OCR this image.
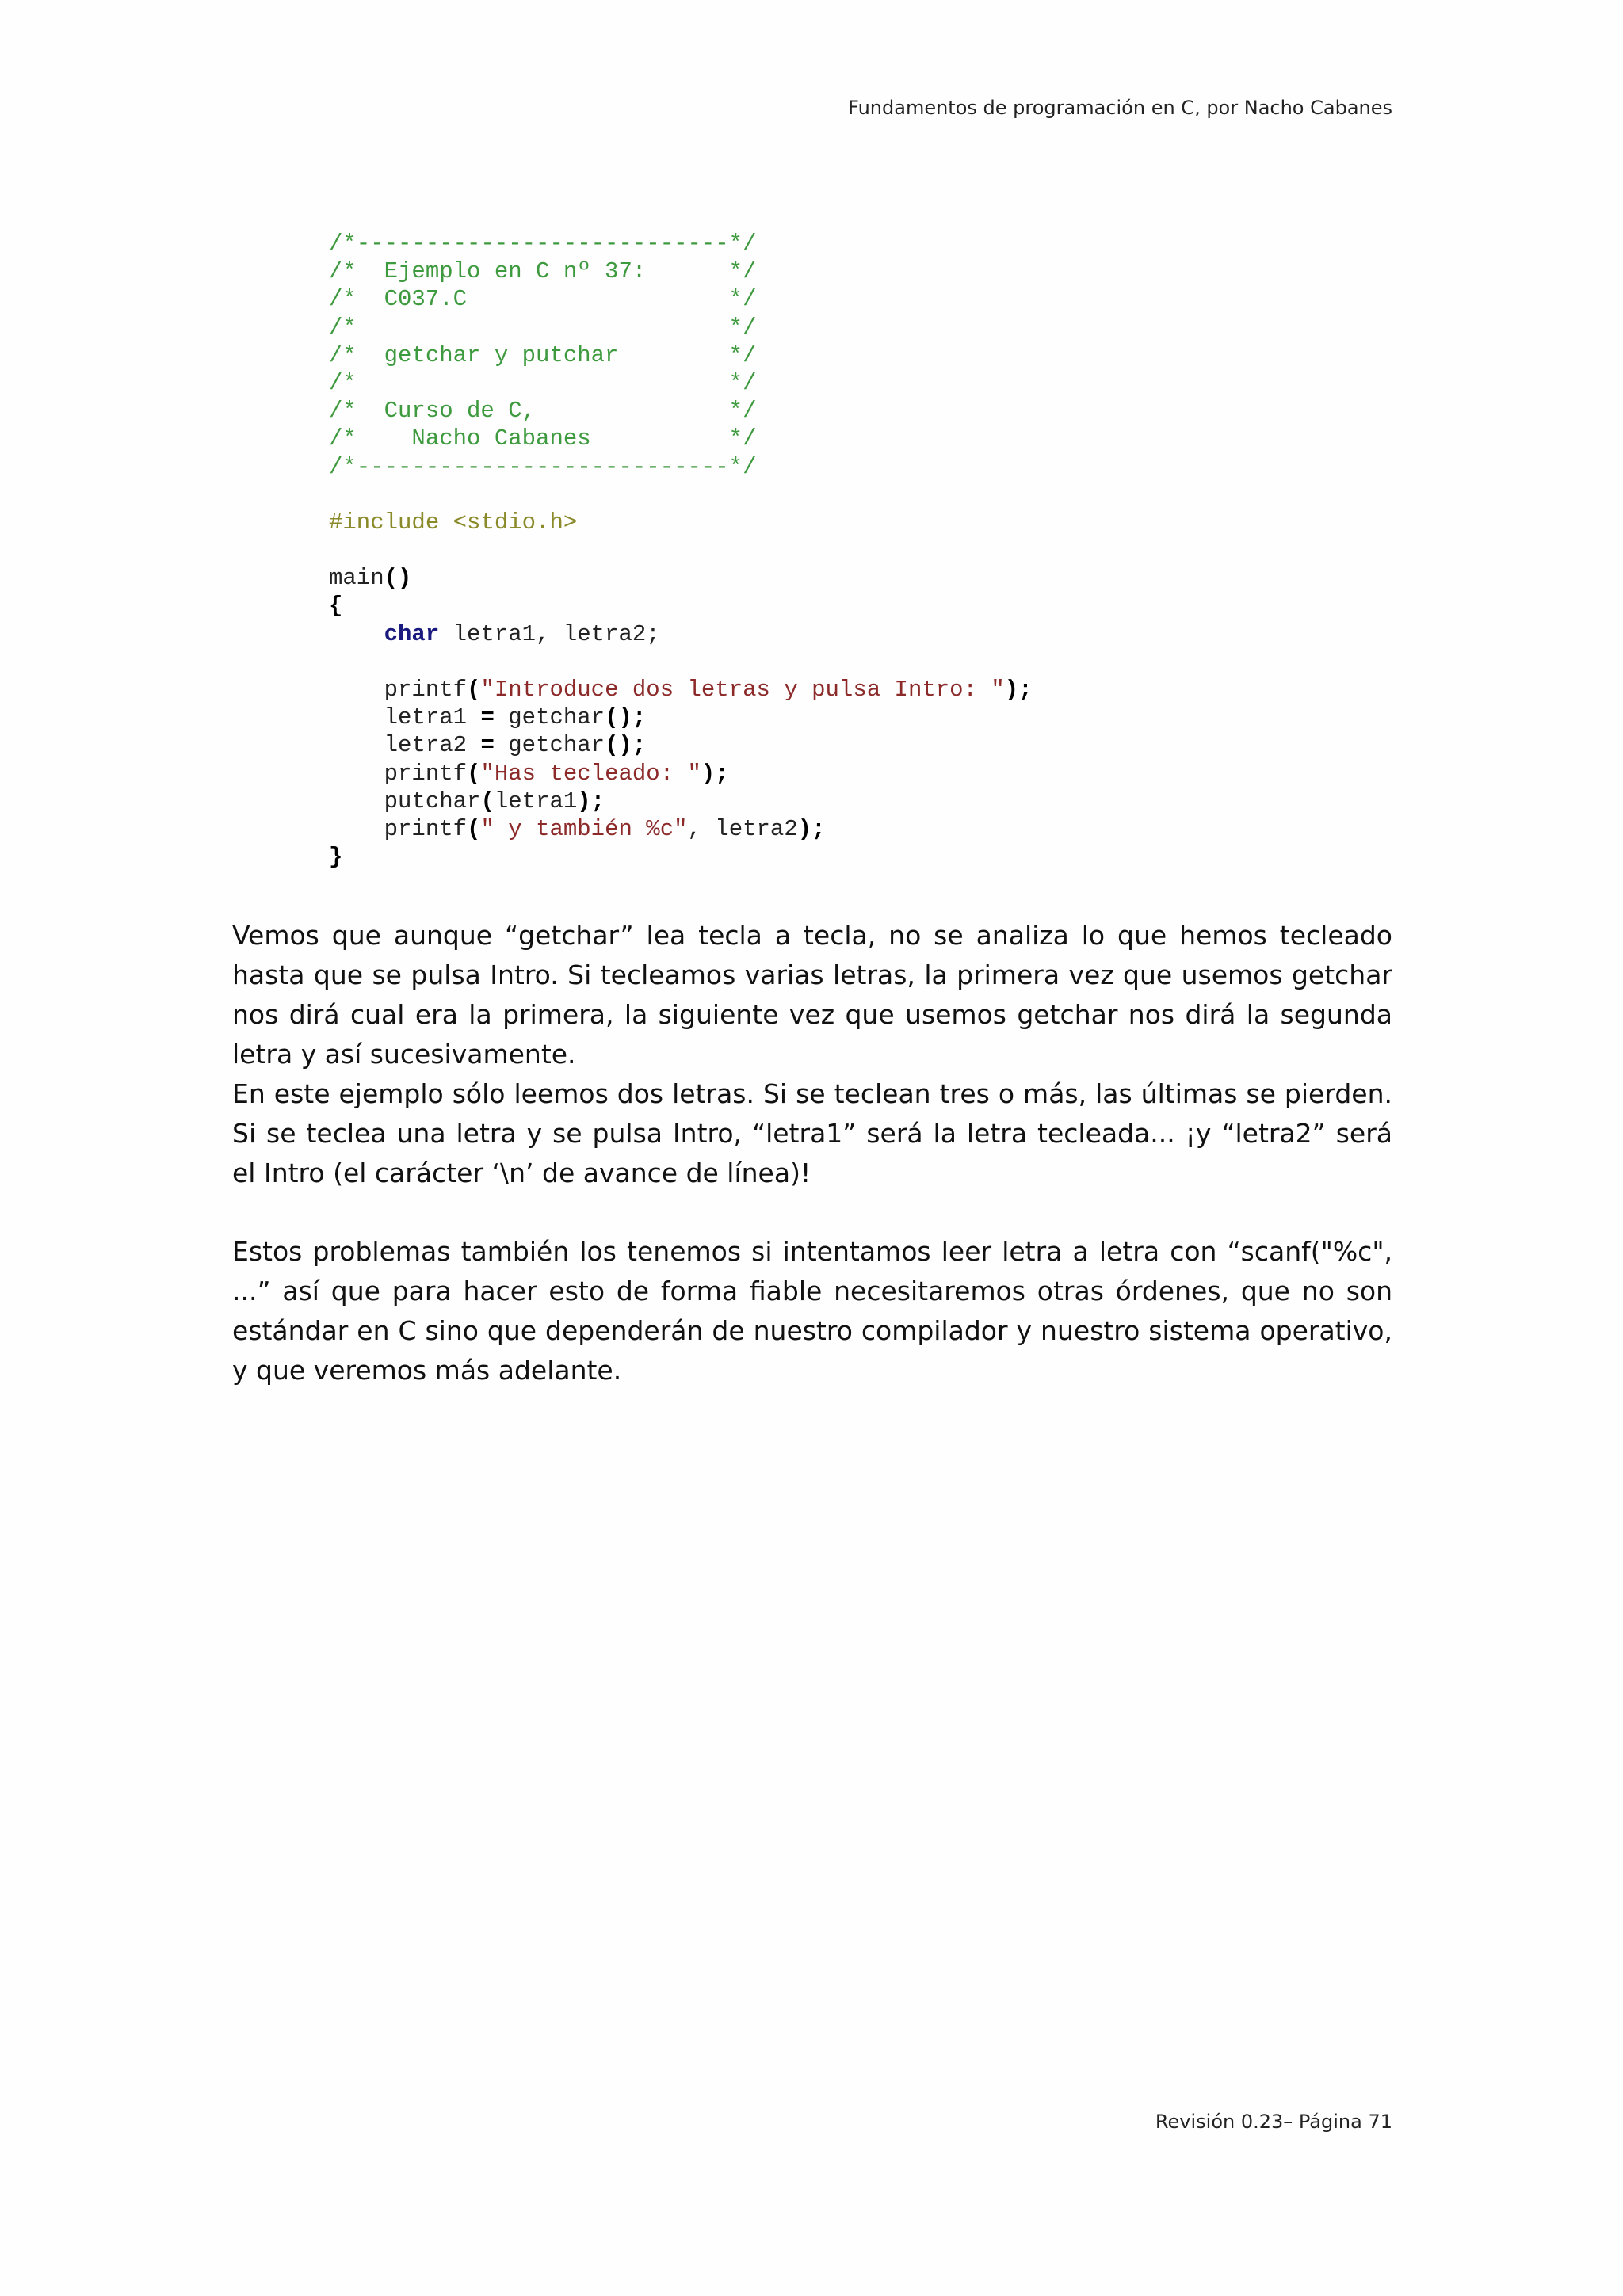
Fundamentos de programación en C, por Nacho Cabanes
/*---------------------------*/
/*  Ejemplo en C nº 37:      */
/*  C037.C                   */
/*                           */
/*  getchar y putchar        */
/*                           */
/*  Curso de C,              */
/*    Nacho Cabanes          */
/*---------------------------*/
#include <stdio.h>
main()
{
char letra1, letra2;
printf("Introduce dos letras y pulsa Intro: ");
letra1 = getchar();
letra2 = getchar();
printf("Has tecleado: ");
putchar(letra1);
printf(" y también %c", letra2);
}

Vemos que aunque “getchar” lea tecla a tecla, no se analiza lo que hemos tecleado hasta que se pulsa Intro. Si tecleamos varias letras, la primera vez que usemos getchar nos dirá cual era la primera, la siguiente vez que usemos getchar nos dirá la segunda letra y así sucesivamente.

En este ejemplo sólo leemos dos letras. Si se teclean tres o más, las últimas se pierden. Si se teclea una letra y se pulsa Intro, “letra1” será la letra tecleada... ¡y “letra2” será el Intro (el carácter ‘\n’ de avance de línea)!

Estos problemas también los tenemos si intentamos leer letra a letra con “scanf("%c", ...” así que para hacer esto de forma fiable necesitaremos otras órdenes, que no son estándar en C sino que dependerán de nuestro compilador y nuestro sistema operativo, y que veremos más adelante.

Revisión 0.23– Página 71
